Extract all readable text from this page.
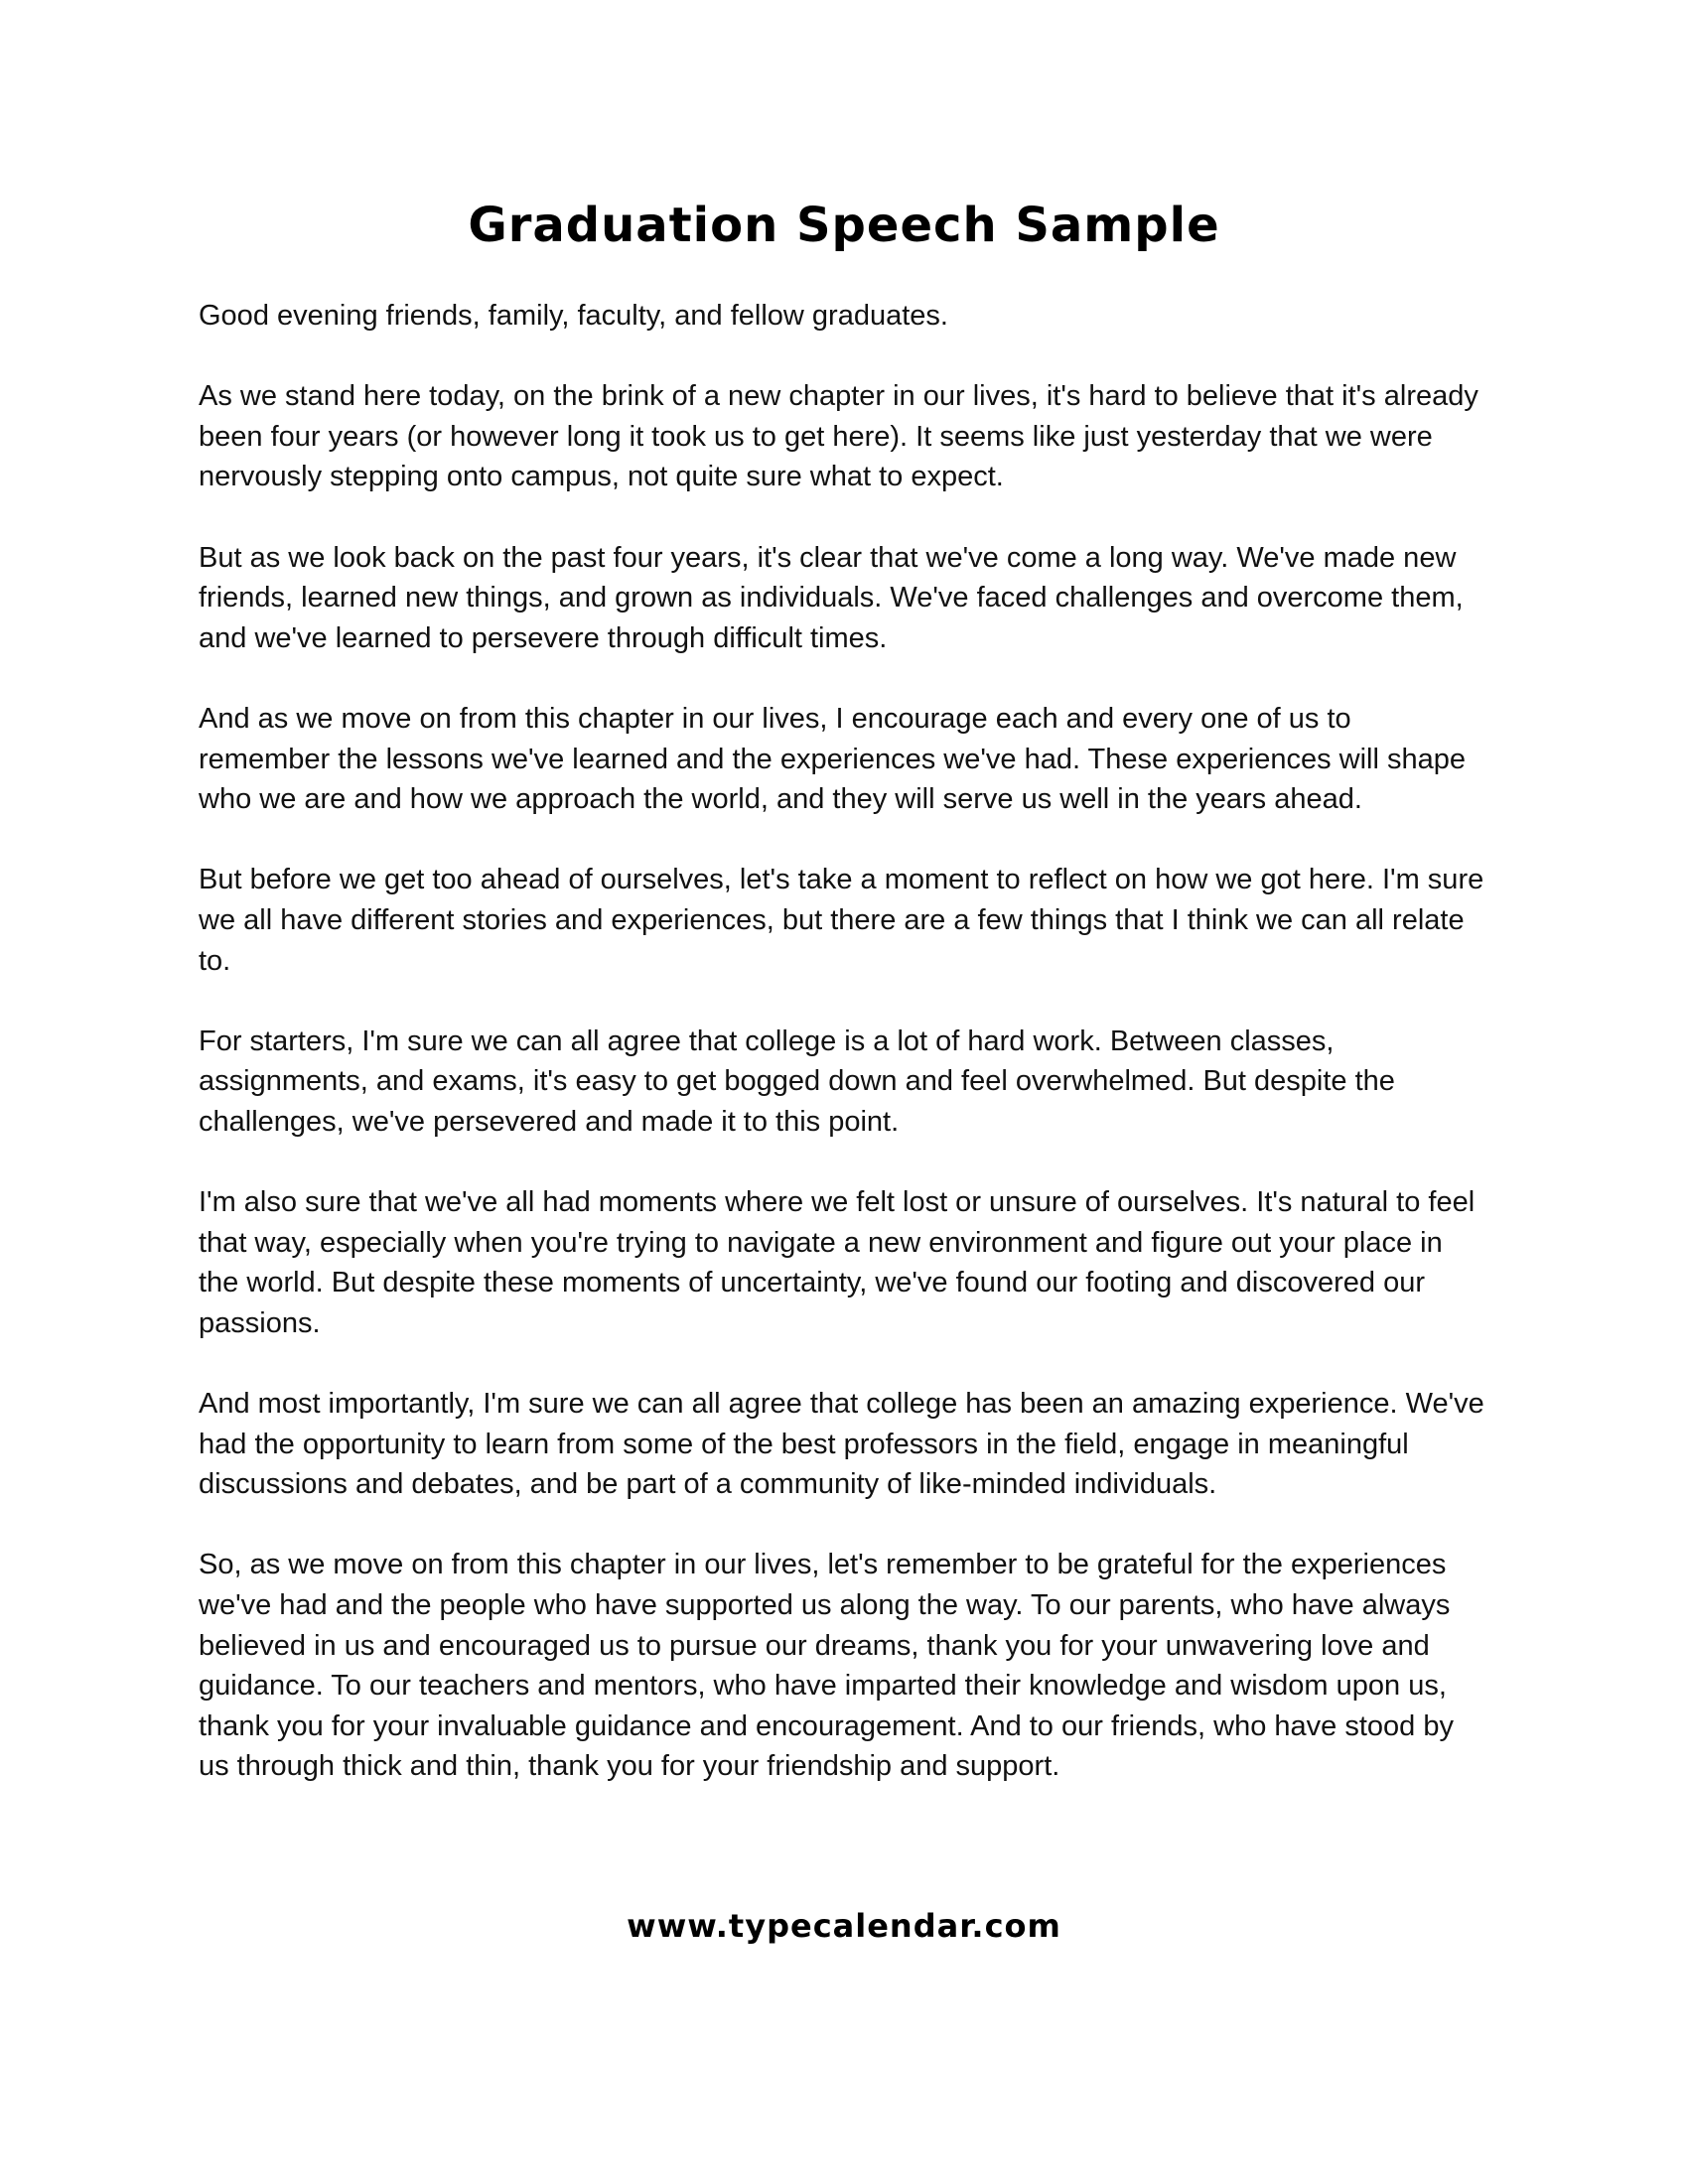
Graduation Speech Sample

Good evening friends, family, faculty, and fellow graduates.

As we stand here today, on the brink of a new chapter in our lives, it's hard to believe that it's already been four years (or however long it took us to get here). It seems like just yesterday that we were nervously stepping onto campus, not quite sure what to expect.

But as we look back on the past four years, it's clear that we've come a long way. We've made new friends, learned new things, and grown as individuals. We've faced challenges and overcome them, and we've learned to persevere through difficult times.

And as we move on from this chapter in our lives, I encourage each and every one of us to remember the lessons we've learned and the experiences we've had. These experiences will shape who we are and how we approach the world, and they will serve us well in the years ahead.

But before we get too ahead of ourselves, let's take a moment to reflect on how we got here. I'm sure we all have different stories and experiences, but there are a few things that I think we can all relate to.

For starters, I'm sure we can all agree that college is a lot of hard work. Between classes, assignments, and exams, it's easy to get bogged down and feel overwhelmed. But despite the challenges, we've persevered and made it to this point.

I'm also sure that we've all had moments where we felt lost or unsure of ourselves. It's natural to feel that way, especially when you're trying to navigate a new environment and figure out your place in the world. But despite these moments of uncertainty, we've found our footing and discovered our passions.

And most importantly, I'm sure we can all agree that college has been an amazing experience. We've had the opportunity to learn from some of the best professors in the field, engage in meaningful discussions and debates, and be part of a community of like-minded individuals.

So, as we move on from this chapter in our lives, let's remember to be grateful for the experiences we've had and the people who have supported us along the way. To our parents, who have always believed in us and encouraged us to pursue our dreams, thank you for your unwavering love and guidance. To our teachers and mentors, who have imparted their knowledge and wisdom upon us, thank you for your invaluable guidance and encouragement. And to our friends, who have stood by us through thick and thin, thank you for your friendship and support.

www.typecalendar.com
